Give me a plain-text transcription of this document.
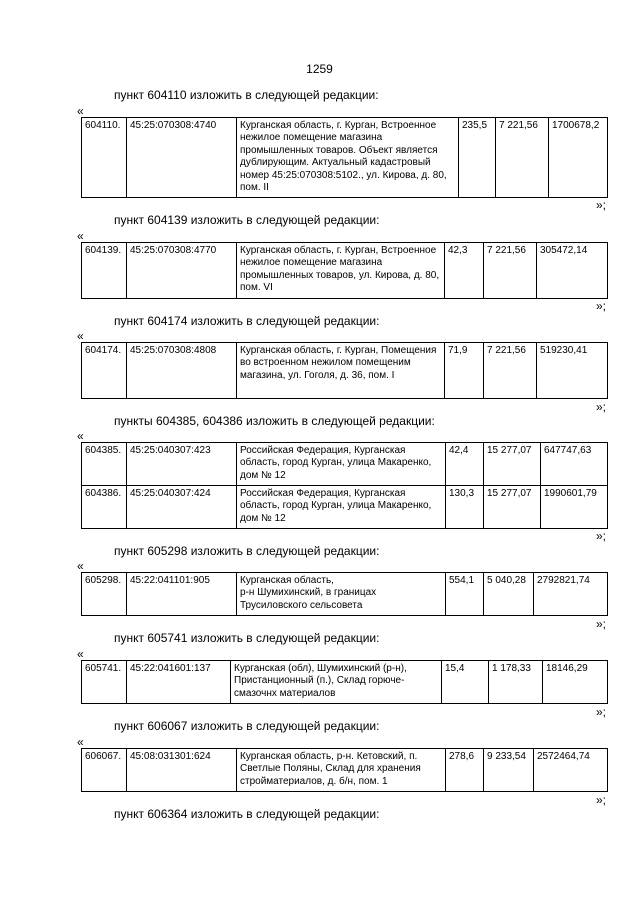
1259
пункт 604110 изложить в следующей редакции:
«
604110.	45:25:070308:4740	Курганская область, г. Курган, Встроенное нежилое помещение магазина промышленных товаров. Объект является дублирующим. Актуальный кадастровый номер 45:25:070308:5102., ул. Кирова, д. 80, пом. II	235,5	7 221,56	1700678,2
»;
пункт 604139 изложить в следующей редакции:
«
604139.	45:25:070308:4770	Курганская область, г. Курган, Встроенное нежилое помещение магазина промышленных товаров, ул. Кирова, д. 80, пом. VI	42,3	7 221,56	305472,14
»;
пункт 604174 изложить в следующей редакции:
«
604174.	45:25:070308:4808	Курганская область, г. Курган, Помещения во встроенном нежилом помещеним магазина, ул. Гоголя, д. 36, пом. I	71,9	7 221,56	519230,41
»;
пункты 604385, 604386 изложить в следующей редакции:
«
604385.	45:25:040307:423	Российская Федерация, Курганская область, город Курган, улица Макаренко, дом № 12	42,4	15 277,07	647747,63
604386.	45:25:040307:424	Российская Федерация, Курганская область, город Курган, улица Макаренко, дом № 12	130,3	15 277,07	1990601,79
»;
пункт 605298 изложить в следующей редакции:
«
605298.	45:22:041101:905	Курганская область,
р-н Шумихинский, в границах Трусиловского сельсовета	554,1	5 040,28	2792821,74
»;
пункт 605741 изложить в следующей редакции:
«
605741.	45:22:041601:137	Курганская (обл), Шумихинский (р-н), Пристанционный (п.), Склад горюче-смазочнх материалов	15,4	1 178,33	18146,29
»;
пункт 606067 изложить в следующей редакции:
«
606067.	45:08:031301:624	Курганская область, р-н. Кетовский, п. Светлые Поляны, Склад для хранения стройматериалов, д. б/н, пом. 1	278,6	9 233,54	2572464,74
»;
пункт 606364 изложить в следующей редакции:
